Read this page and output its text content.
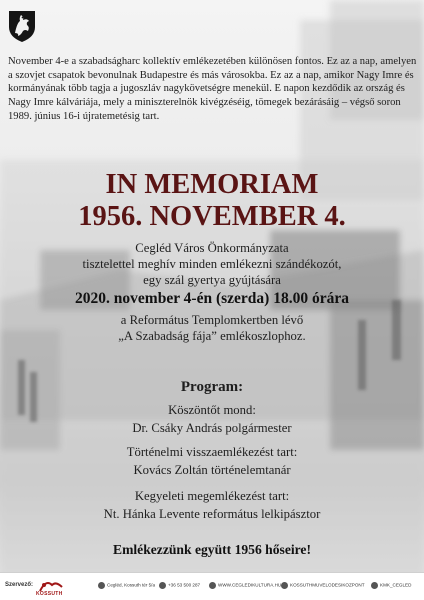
November 4-e a szabadságharc kollektív emlékezetében különösen fontos. Ez az a nap, amelyen a szovjet csapatok bevonulnak Budapestre és más városokba. Ez az a nap, amikor Nagy Imre és kormányának több tagja a jugoszláv nagykövetségre menekül. E napon kezdődik az ország és Nagy Imre kálváriája, mely a miniszterelnök kivégzéséig, tömegek bezárásáig – végső soron 1989. június 16-i újratemetésig tart.
IN MEMORIAM
1956. NOVEMBER 4.
Cegléd Város Önkormányzata
tisztelettel meghív minden emlékezni szándékozót,
egy szál gyertya gyújtására
2020. november 4-én (szerda) 18.00 órára
a Református Templomkertben lévő
„A Szabadság fája” emlékoszlophoz.
Program:
Köszöntőt mond:
Dr. Csáky András polgármester
Történelmi visszaemlékezést tart:
Kovács Zoltán történelemtanár
Kegyeleti megemlékezést tart:
Nt. Hánka Levente református lelkipásztor
Emlékezzünk együtt 1956 hőseire!
Szervező:
KOSSUTH
Cegléd, Kossuth tér 5/a	+36 53 500 287	WWW.CEGLEDIKULTURA.HU	KOSSUTHMUVELODESIKOZPONT	KMK_CEGLED
